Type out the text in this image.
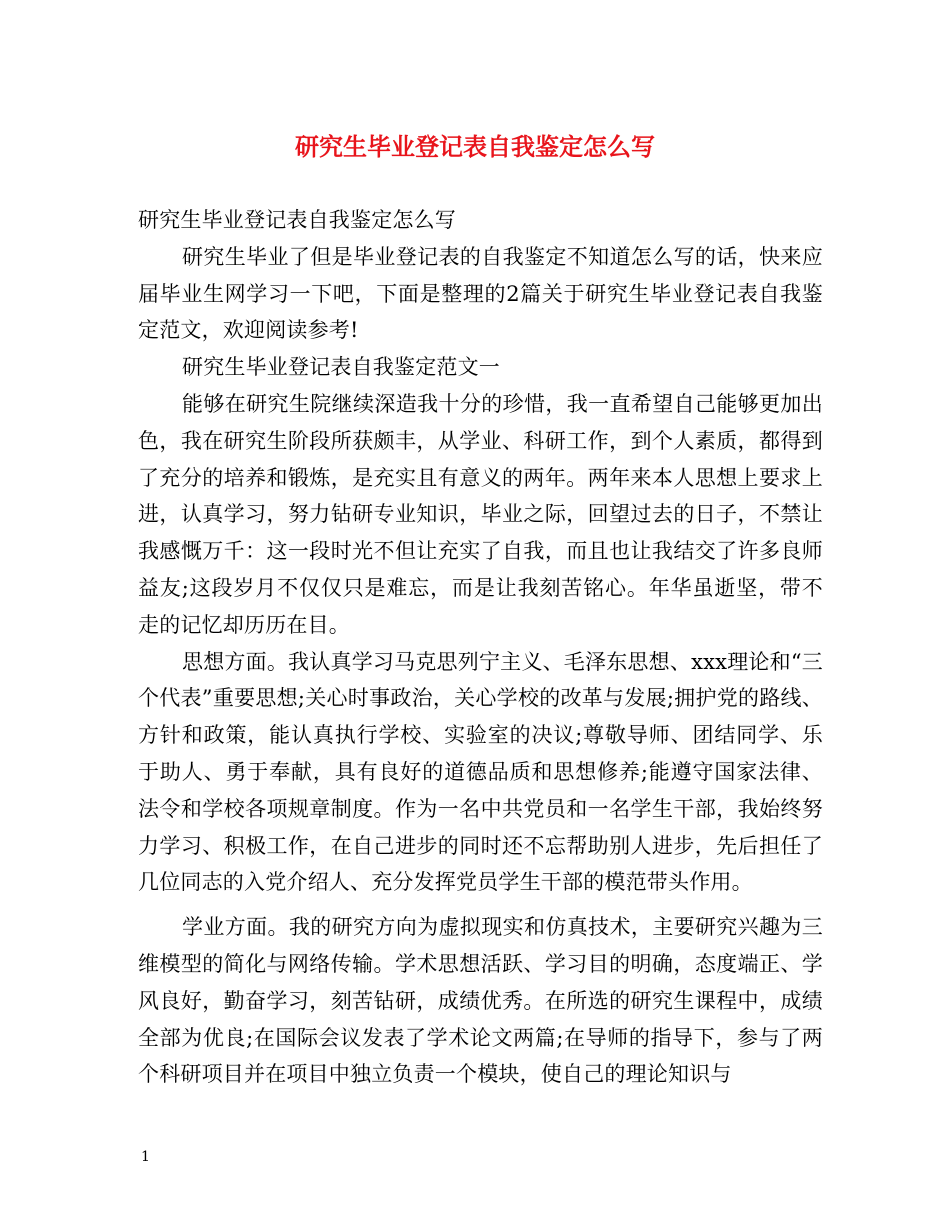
研究生毕业登记表自我鉴定怎么写

研究生毕业登记表自我鉴定怎么写

研究生毕业了但是毕业登记表的自我鉴定不知道怎么写的话，快来应届毕业生网学习一下吧，下面是整理的2篇关于研究生毕业登记表自我鉴定范文，欢迎阅读参考!

研究生毕业登记表自我鉴定范文一

能够在研究生院继续深造我十分的珍惜，我一直希望自己能够更加出色，我在研究生阶段所获颇丰，从学业、科研工作，到个人素质，都得到了充分的培养和锻炼，是充实且有意义的两年。两年来本人思想上要求上进，认真学习，努力钻研专业知识，毕业之际，回望过去的日子，不禁让我感慨万千：这一段时光不但让充实了自我，而且也让我结交了许多良师益友;这段岁月不仅仅只是难忘，而是让我刻苦铭心。年华虽逝坚，带不走的记忆却历历在目。

思想方面。我认真学习马克思列宁主义、毛泽东思想、xxx理论和“三个代表”重要思想;关心时事政治，关心学校的改革与发展;拥护党的路线、方针和政策，能认真执行学校、实验室的决议;尊敬导师、团结同学、乐于助人、勇于奉献，具有良好的道德品质和思想修养;能遵守国家法律、法令和学校各项规章制度。作为一名中共党员和一名学生干部，我始终努力学习、积极工作，在自己进步的同时还不忘帮助别人进步，先后担任了几位同志的入党介绍人、充分发挥党员学生干部的模范带头作用。

学业方面。我的研究方向为虚拟现实和仿真技术，主要研究兴趣为三维模型的简化与网络传输。学术思想活跃、学习目的明确，态度端正、学风良好，勤奋学习，刻苦钻研，成绩优秀。在所选的研究生课程中，成绩全部为优良;在国际会议发表了学术论文两篇;在导师的指导下，参与了两个科研项目并在项目中独立负责一个模块，使自己的理论知识与

1
